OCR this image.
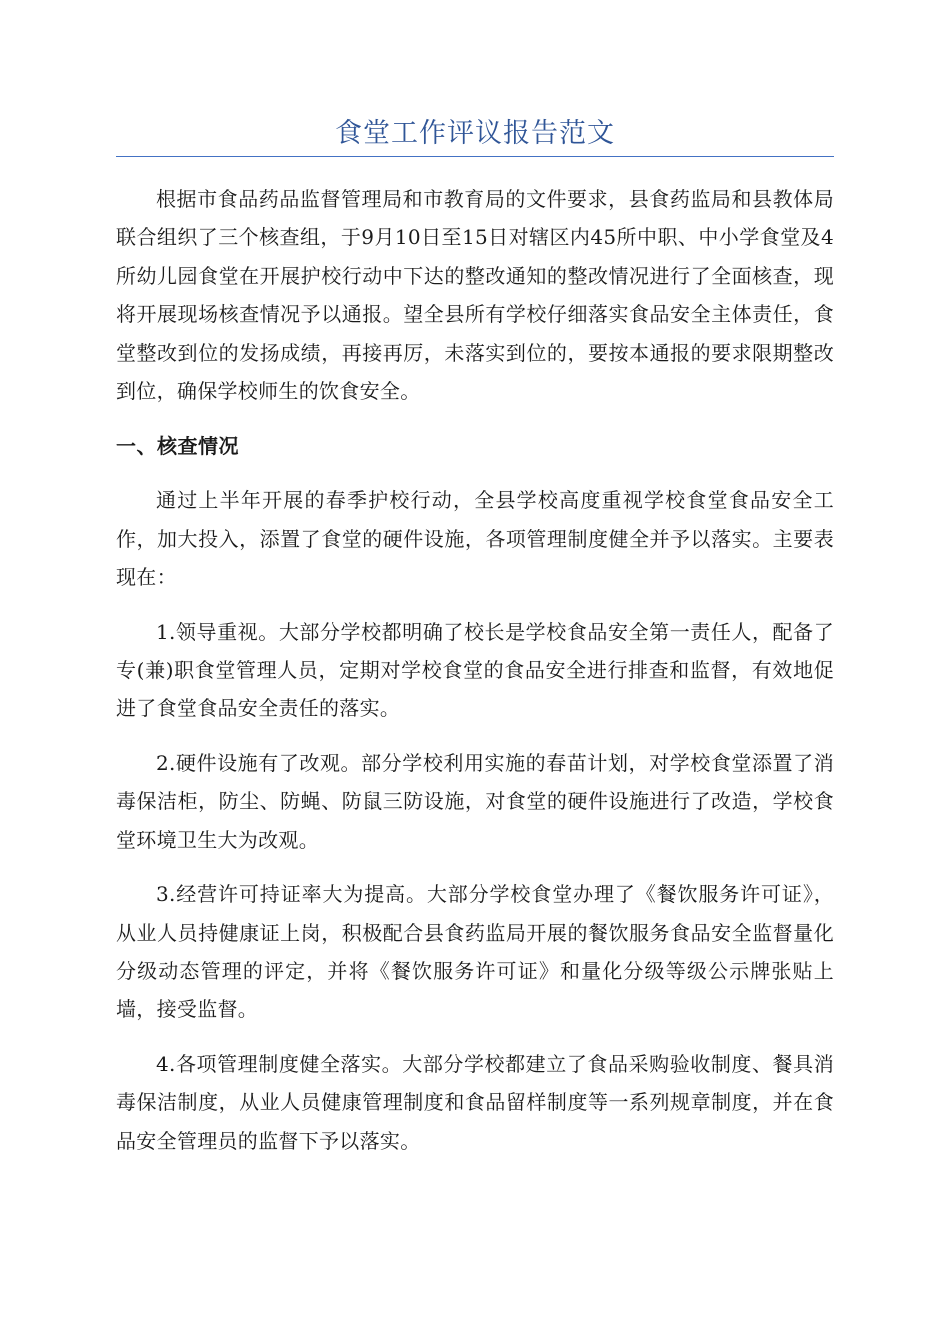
食堂工作评议报告范文

根据市食品药品监督管理局和市教育局的文件要求，县食药监局和县教体局联合组织了三个核查组，于9月10日至15日对辖区内45所中职、中小学食堂及4所幼儿园食堂在开展护校行动中下达的整改通知的整改情况进行了全面核查，现将开展现场核查情况予以通报。望全县所有学校仔细落实食品安全主体责任，食堂整改到位的发扬成绩，再接再厉，未落实到位的，要按本通报的要求限期整改到位，确保学校师生的饮食安全。

一、核查情况

通过上半年开展的春季护校行动，全县学校高度重视学校食堂食品安全工作，加大投入，添置了食堂的硬件设施，各项管理制度健全并予以落实。主要表现在：

1.领导重视。大部分学校都明确了校长是学校食品安全第一责任人，配备了专(兼)职食堂管理人员，定期对学校食堂的食品安全进行排查和监督，有效地促进了食堂食品安全责任的落实。

2.硬件设施有了改观。部分学校利用实施的春苗计划，对学校食堂添置了消毒保洁柜，防尘、防蝇、防鼠三防设施，对食堂的硬件设施进行了改造，学校食堂环境卫生大为改观。

3.经营许可持证率大为提高。大部分学校食堂办理了《餐饮服务许可证》，从业人员持健康证上岗，积极配合县食药监局开展的餐饮服务食品安全监督量化分级动态管理的评定，并将《餐饮服务许可证》和量化分级等级公示牌张贴上墙，接受监督。

4.各项管理制度健全落实。大部分学校都建立了食品采购验收制度、餐具消毒保洁制度，从业人员健康管理制度和食品留样制度等一系列规章制度，并在食品安全管理员的监督下予以落实。
